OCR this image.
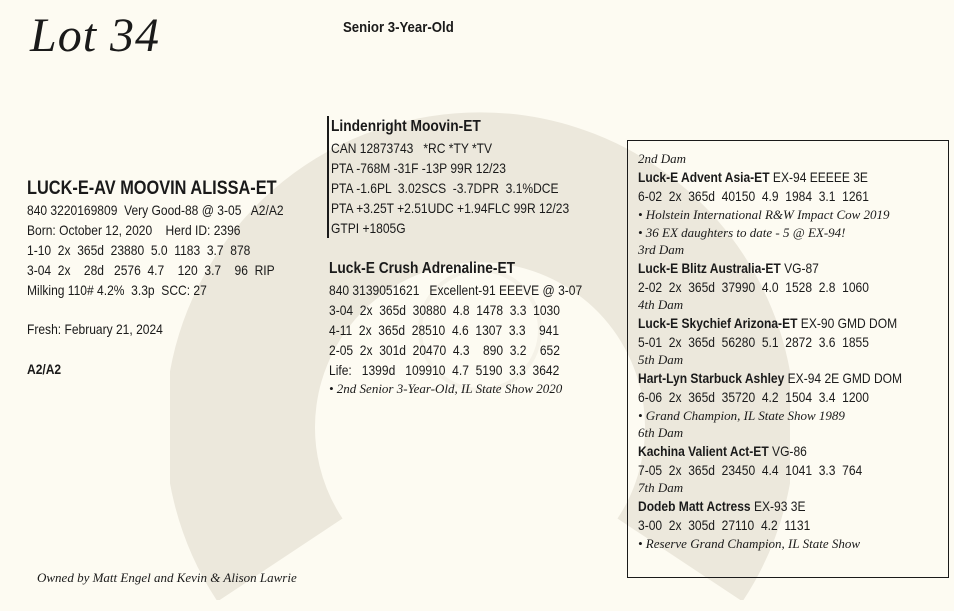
Lot 34	Senior 3-Year-Old
LUCK-E-AV MOOVIN ALISSA-ET
840 3220169809  Very Good-88 @ 3-05   A2/A2
Born: October 12, 2020    Herd ID: 2396
1-10  2x  365d  23880  5.0  1183  3.7  878
3-04  2x    28d   2576  4.7    120  3.7    96  RIP
Milking 110# 4.2%  3.3p  SCC: 27
Fresh: February 21, 2024
A2/A2
Owned by Matt Engel and Kevin & Alison Lawrie
Lindenright Moovin-ET
CAN 12873743   *RC *TY *TV
PTA -768M -31F -13P 99R 12/23
PTA -1.6PL  3.02SCS  -3.7DPR  3.1%DCE
PTA +3.25T +2.51UDC +1.94FLC 99R 12/23
GTPI +1805G
Luck-E Crush Adrenaline-ET
840 3139051621   Excellent-91 EEEVE @ 3-07
3-04  2x  365d  30880  4.8  1478  3.3  1030
4-11  2x  365d  28510  4.6  1307  3.3    941
2-05  2x  301d  20470  4.3    890  3.2    652
Life:   1399d   109910  4.7  5190  3.3  3642
• 2nd Senior 3-Year-Old, IL State Show 2020
2nd Dam
Luck-E Advent Asia-ET EX-94 EEEEE 3E
6-02  2x  365d  40150  4.9  1984  3.1  1261
• Holstein International R&W Impact Cow 2019
• 36 EX daughters to date - 5 @ EX-94!
3rd Dam
Luck-E Blitz Australia-ET VG-87
2-02  2x  365d  37990  4.0  1528  2.8  1060
4th Dam
Luck-E Skychief Arizona-ET EX-90 GMD DOM
5-01  2x  365d  56280  5.1  2872  3.6  1855
5th Dam
Hart-Lyn Starbuck Ashley EX-94 2E GMD DOM
6-06  2x  365d  35720  4.2  1504  3.4  1200
• Grand Champion, IL State Show 1989
6th Dam
Kachina Valient Act-ET VG-86
7-05  2x  365d  23450  4.4  1041  3.3  764
7th Dam
Dodeb Matt Actress EX-93 3E
3-00  2x  305d  27110  4.2  1131
• Reserve Grand Champion, IL State Show
